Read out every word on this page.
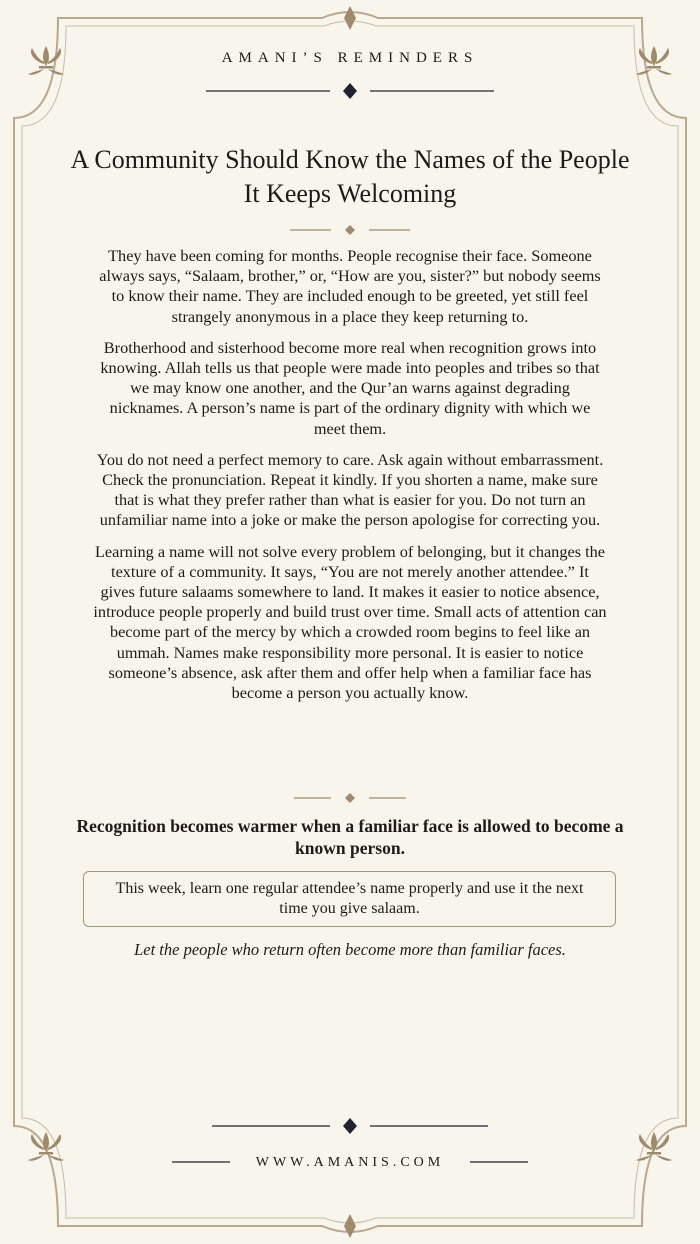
AMANI’S REMINDERS
A Community Should Know the Names of the People It Keeps Welcoming

They have been coming for months. People recognise their face. Someone always says, “Salaam, brother,” or, “How are you, sister?” but nobody seems to know their name. They are included enough to be greeted, yet still feel strangely anonymous in a place they keep returning to.

Brotherhood and sisterhood become more real when recognition grows into knowing. Allah tells us that people were made into peoples and tribes so that we may know one another, and the Qur’an warns against degrading nicknames. A person’s name is part of the ordinary dignity with which we meet them.

You do not need a perfect memory to care. Ask again without embarrassment. Check the pronunciation. Repeat it kindly. If you shorten a name, make sure that is what they prefer rather than what is easier for you. Do not turn an unfamiliar name into a joke or make the person apologise for correcting you.

Learning a name will not solve every problem of belonging, but it changes the texture of a community. It says, “You are not merely another attendee.” It gives future salaams somewhere to land. It makes it easier to notice absence, introduce people properly and build trust over time. Small acts of attention can become part of the mercy by which a crowded room begins to feel like an ummah. Names make responsibility more personal. It is easier to notice someone’s absence, ask after them and offer help when a familiar face has become a person you actually know.

Recognition becomes warmer when a familiar face is allowed to become a known person.

This week, learn one regular attendee’s name properly and use it the next time you give salaam.

Let the people who return often become more than familiar faces.

WWW.AMANIS.COM
